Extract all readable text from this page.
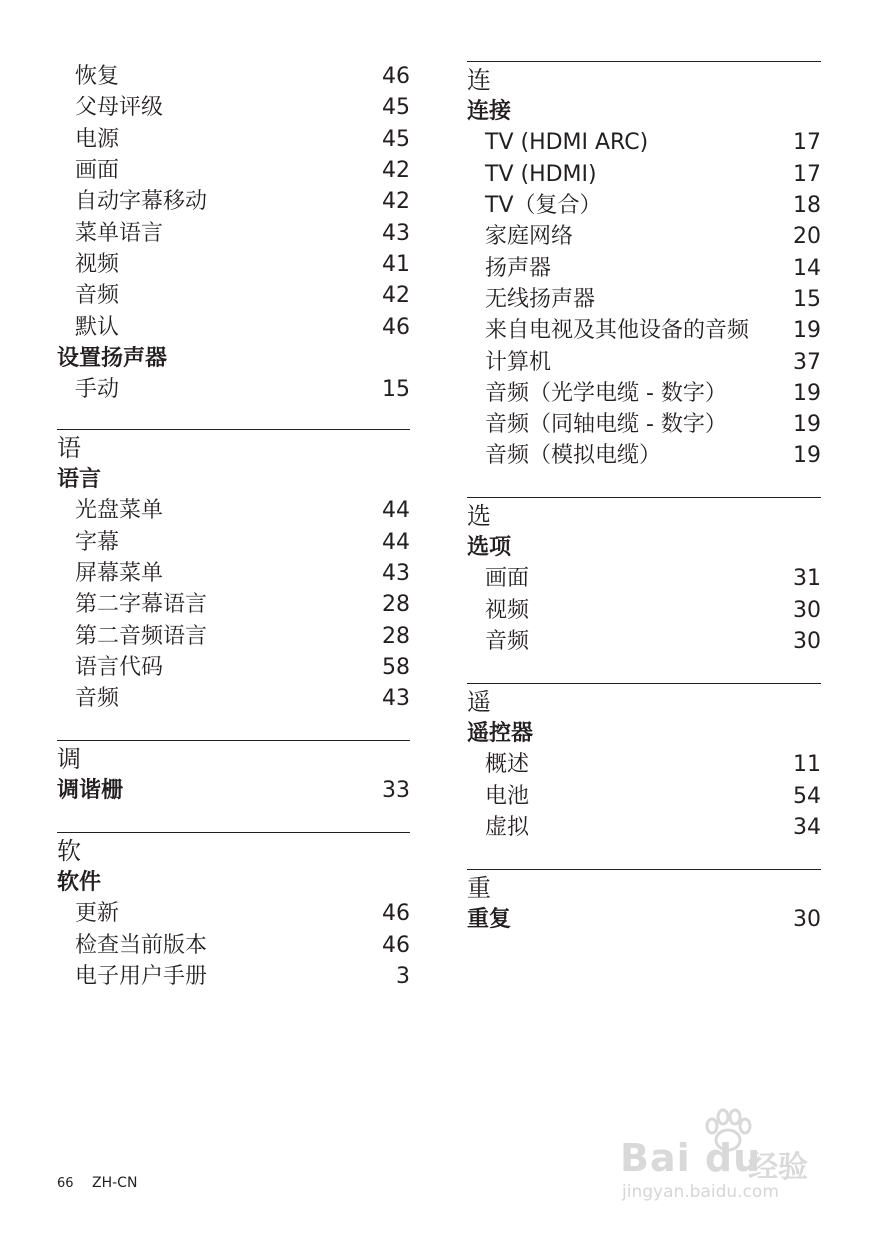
恢复	46
父母评级	45
电源	45
画面	42
自动字幕移动	42
菜单语言	43
视频	41
音频	42
默认	46
设置扬声器
手动	15
语
语言
光盘菜单	44
字幕	44
屏幕菜单	43
第二字幕语言	28
第二音频语言	28
语言代码	58
音频	43
调
调谐栅	33
软
软件
更新	46
检查当前版本	46
电子用户手册	3
连
连接
TV (HDMI ARC)	17
TV (HDMI)	17
TV（复合）	18
家庭网络	20
扬声器	14
无线扬声器	15
来自电视及其他设备的音频 19
计算机	37
音频（光学电缆 - 数字）	19
音频（同轴电缆 - 数字）	19
音频（模拟电缆）	19
选
选项
画面	31
视频	30
音频	30
遥
遥控器
概述	11
电池	54
虚拟	34
重
重复	30
66 ZH-CN
Bai du
经验
jingyan.baidu.com
